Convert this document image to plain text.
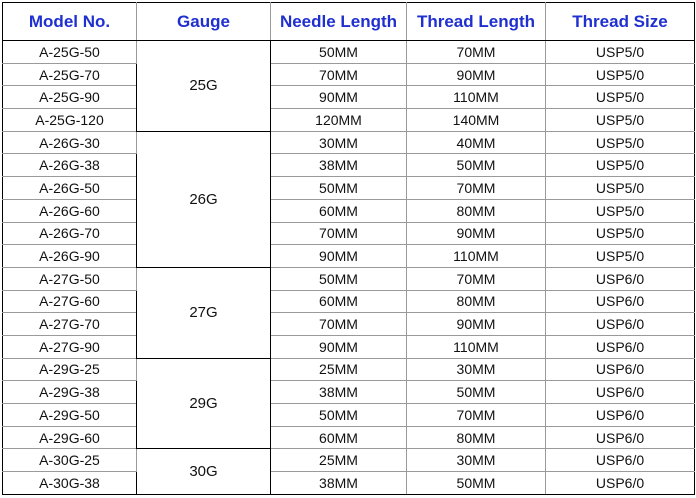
Model No.	Gauge	Needle Length	Thread Length	Thread Size
A-25G-50	25G	50MM	70MM	USP5/0
A-25G-70		70MM	90MM	USP5/0
A-25G-90		90MM	110MM	USP5/0
A-25G-120		120MM	140MM	USP5/0
A-26G-30	26G	30MM	40MM	USP5/0
A-26G-38		38MM	50MM	USP5/0
A-26G-50		50MM	70MM	USP5/0
A-26G-60		60MM	80MM	USP5/0
A-26G-70		70MM	90MM	USP5/0
A-26G-90		90MM	110MM	USP5/0
A-27G-50	27G	50MM	70MM	USP6/0
A-27G-60		60MM	80MM	USP6/0
A-27G-70		70MM	90MM	USP6/0
A-27G-90		90MM	110MM	USP6/0
A-29G-25	29G	25MM	30MM	USP6/0
A-29G-38		38MM	50MM	USP6/0
A-29G-50		50MM	70MM	USP6/0
A-29G-60		60MM	80MM	USP6/0
A-30G-25	30G	25MM	30MM	USP6/0
A-30G-38		38MM	50MM	USP6/0
